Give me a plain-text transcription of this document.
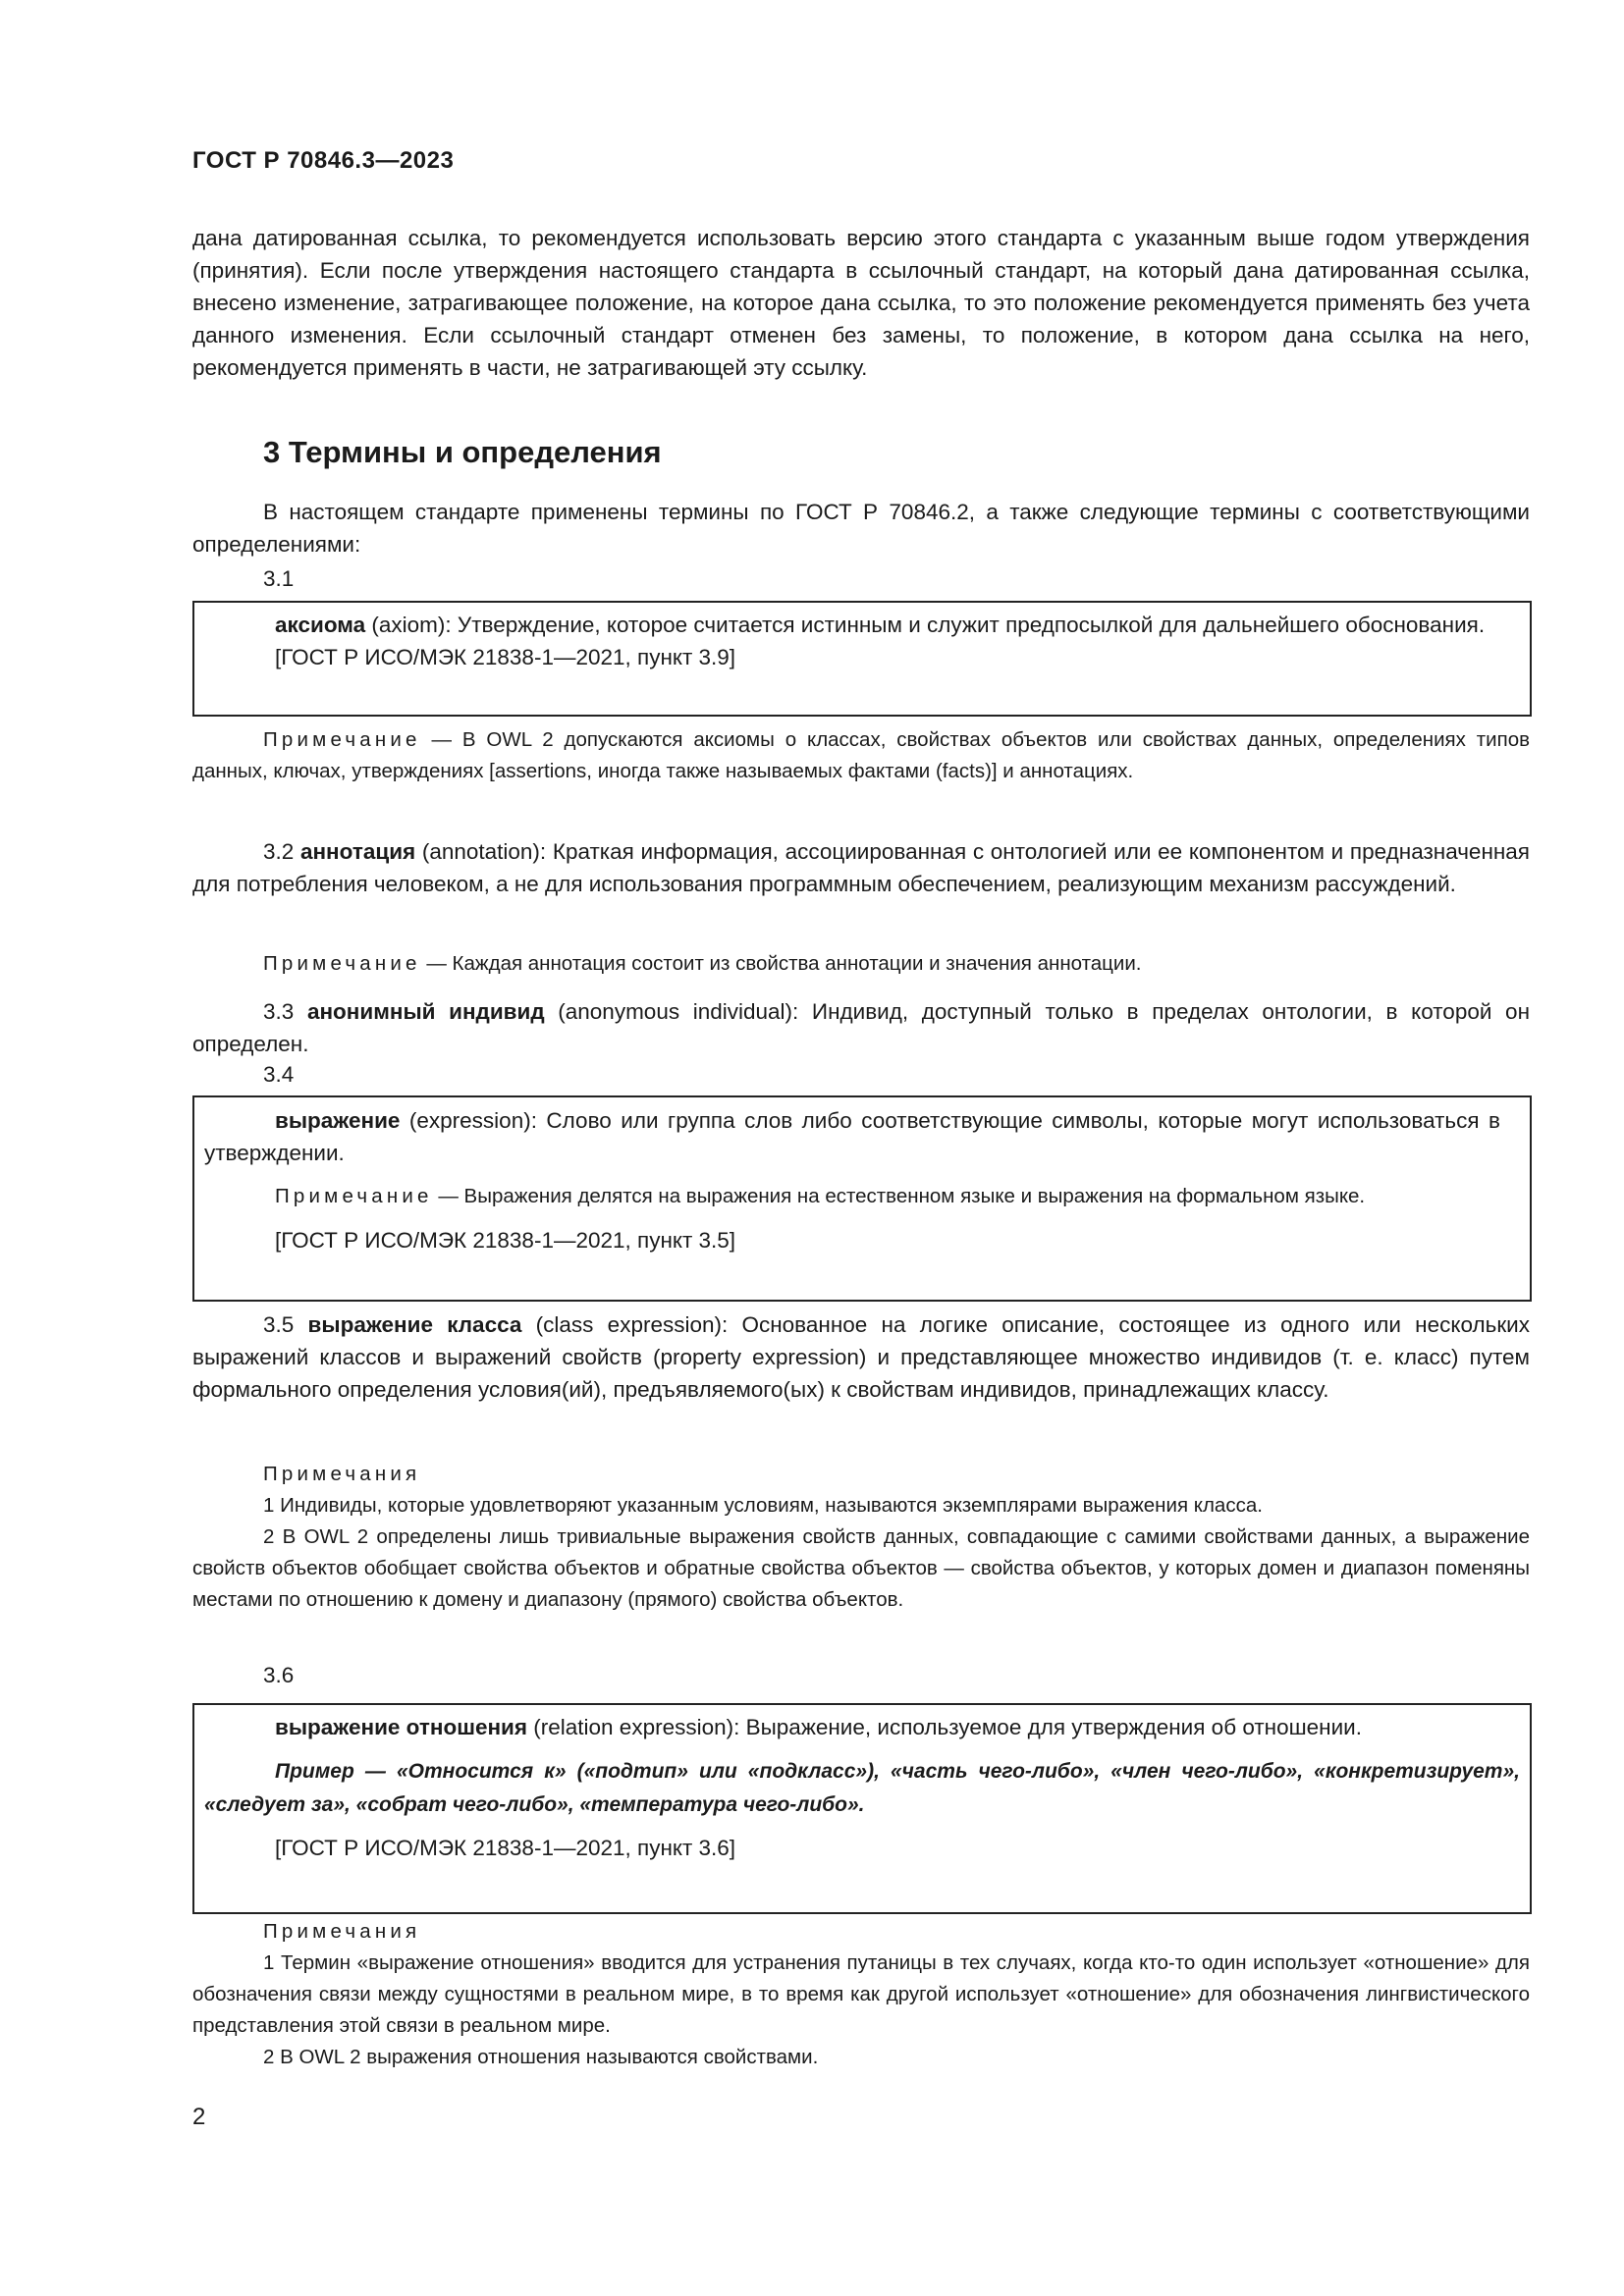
ГОСТ Р 70846.3—2023

дана датированная ссылка, то рекомендуется использовать версию этого стандарта с указанным выше годом утверждения (принятия). Если после утверждения настоящего стандарта в ссылочный стандарт, на который дана датированная ссылка, внесено изменение, затрагивающее положение, на которое дана ссылка, то это положение рекомендуется применять без учета данного изменения. Если ссылочный стандарт отменен без замены, то положение, в котором дана ссылка на него, рекомендуется применять в части, не затрагивающей эту ссылку.

3 Термины и определения

В настоящем стандарте применены термины по ГОСТ Р 70846.2, а также следующие термины с соответствующими определениями:

3.1

аксиома (axiom): Утверждение, которое считается истинным и служит предпосылкой для дальнейшего обоснования.

[ГОСТ Р ИСО/МЭК 21838-1—2021, пункт 3.9]

Примечание — В OWL 2 допускаются аксиомы о классах, свойствах объектов или свойствах данных, определениях типов данных, ключах, утверждениях [assertions, иногда также называемых фактами (facts)] и аннотациях.

3.2 аннотация (annotation): Краткая информация, ассоциированная с онтологией или ее компонентом и предназначенная для потребления человеком, а не для использования программным обеспечением, реализующим механизм рассуждений.

Примечание — Каждая аннотация состоит из свойства аннотации и значения аннотации.

3.3 анонимный индивид (anonymous individual): Индивид, доступный только в пределах онтологии, в которой он определен.

3.4

выражение (expression): Слово или группа слов либо соответствующие символы, которые могут использоваться в утверждении.

Примечание — Выражения делятся на выражения на естественном языке и выражения на формальном языке.

[ГОСТ Р ИСО/МЭК 21838-1—2021, пункт 3.5]

3.5 выражение класса (class expression): Основанное на логике описание, состоящее из одного или нескольких выражений классов и выражений свойств (property expression) и представляющее множество индивидов (т. е. класс) путем формального определения условия(ий), предъявляемого(ых) к свойствам индивидов, принадлежащих классу.

Примечания

1 Индивиды, которые удовлетворяют указанным условиям, называются экземплярами выражения класса.

2 В OWL 2 определены лишь тривиальные выражения свойств данных, совпадающие с самими свойствами данных, а выражение свойств объектов обобщает свойства объектов и обратные свойства объектов — свойства объектов, у которых домен и диапазон поменяны местами по отношению к домену и диапазону (прямого) свойства объектов.

3.6

выражение отношения (relation expression): Выражение, используемое для утверждения об отношении.

Пример — «Относится к» («подтип» или «подкласс»), «часть чего-либо», «член чего-либо», «конкретизирует», «следует за», «собрат чего-либо», «температура чего-либо».

[ГОСТ Р ИСО/МЭК 21838-1—2021, пункт 3.6]

Примечания

1 Термин «выражение отношения» вводится для устранения путаницы в тех случаях, когда кто-то один использует «отношение» для обозначения связи между сущностями в реальном мире, в то время как другой использует «отношение» для обозначения лингвистического представления этой связи в реальном мире.

2 В OWL 2 выражения отношения называются свойствами.

2
